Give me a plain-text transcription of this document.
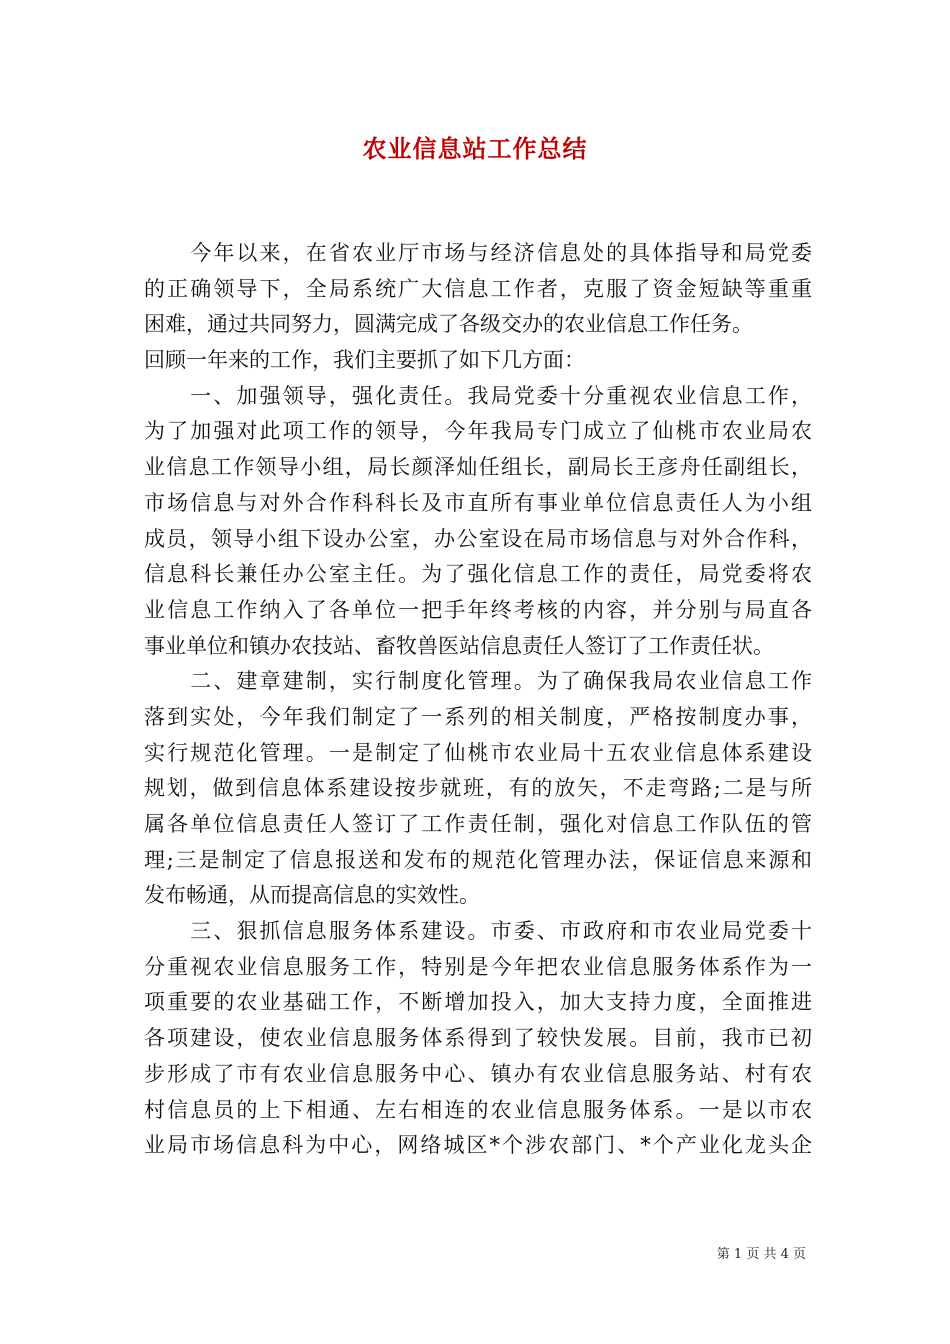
农业信息站工作总结
　　今年以来，在省农业厅市场与经济信息处的具体指导和局党委
的正确领导下，全局系统广大信息工作者，克服了资金短缺等重重
困难，通过共同努力，圆满完成了各级交办的农业信息工作任务。
回顾一年来的工作，我们主要抓了如下几方面：
　　一、加强领导，强化责任。我局党委十分重视农业信息工作，
为了加强对此项工作的领导，今年我局专门成立了仙桃市农业局农
业信息工作领导小组，局长颜泽灿任组长，副局长王彦舟任副组长，
市场信息与对外合作科科长及市直所有事业单位信息责任人为小组
成员，领导小组下设办公室，办公室设在局市场信息与对外合作科，
信息科长兼任办公室主任。为了强化信息工作的责任，局党委将农
业信息工作纳入了各单位一把手年终考核的内容，并分别与局直各
事业单位和镇办农技站、畜牧兽医站信息责任人签订了工作责任状。
　　二、建章建制，实行制度化管理。为了确保我局农业信息工作
落到实处，今年我们制定了一系列的相关制度，严格按制度办事，
实行规范化管理。一是制定了仙桃市农业局十五农业信息体系建设
规划，做到信息体系建设按步就班，有的放矢，不走弯路;二是与所
属各单位信息责任人签订了工作责任制，强化对信息工作队伍的管
理;三是制定了信息报送和发布的规范化管理办法，保证信息来源和
发布畅通，从而提高信息的实效性。
　　三、狠抓信息服务体系建设。市委、市政府和市农业局党委十
分重视农业信息服务工作，特别是今年把农业信息服务体系作为一
项重要的农业基础工作，不断增加投入，加大支持力度，全面推进
各项建设，使农业信息服务体系得到了较快发展。目前，我市已初
步形成了市有农业信息服务中心、镇办有农业信息服务站、村有农
村信息员的上下相通、左右相连的农业信息服务体系。一是以市农
业局市场信息科为中心，网络城区*个涉农部门、*个产业化龙头企
第 1 页 共 4 页
